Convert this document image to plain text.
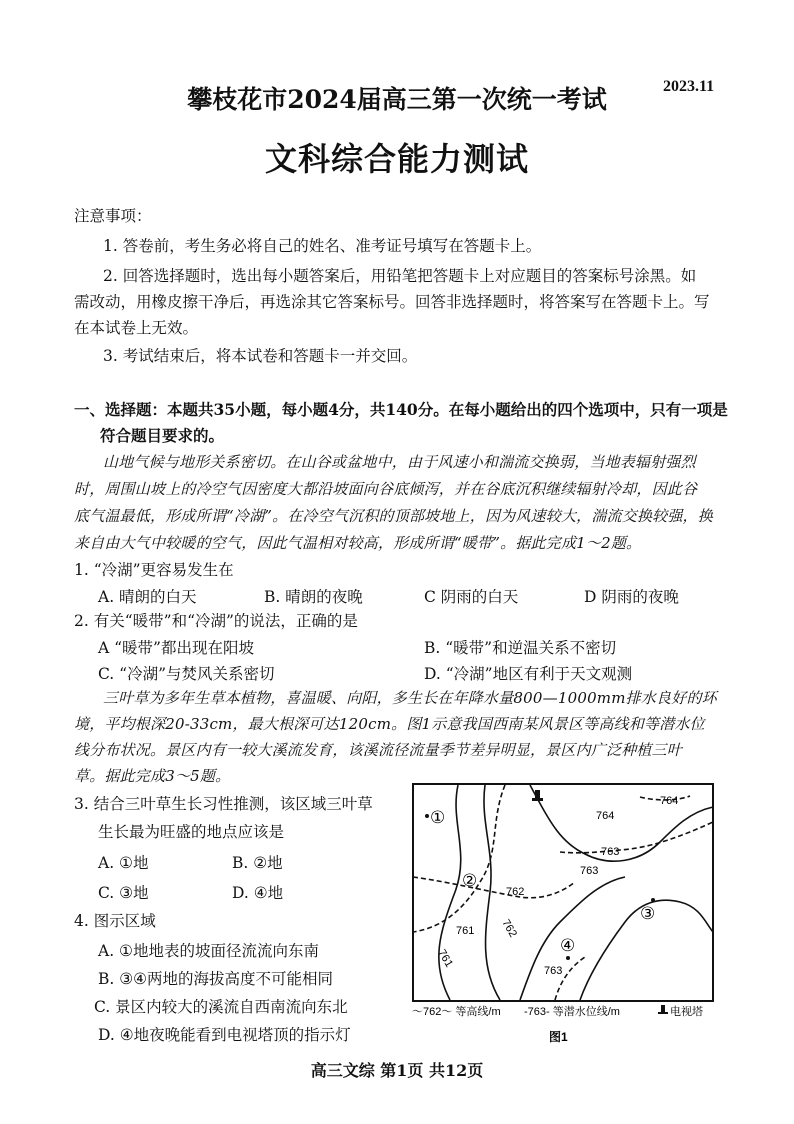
2023.11
攀枝花市2024届高三第一次统一考试
文科综合能力测试
注意事项：
1. 答卷前，考生务必将自己的姓名、准考证号填写在答题卡上。
2. 回答选择题时，选出每小题答案后，用铅笔把答题卡上对应题目的答案标号涂黑。如
需改动，用橡皮擦干净后，再选涂其它答案标号。回答非选择题时，将答案写在答题卡上。写
在本试卷上无效。
3. 考试结束后，将本试卷和答题卡一并交回。
一、选择题：本题共35小题，每小题4分，共140分。在每小题给出的四个选项中，只有一项是
符合题目要求的。
山地气候与地形关系密切。在山谷或盆地中，由于风速小和湍流交换弱，当地表辐射强烈
时，周围山坡上的冷空气因密度大都沿坡面向谷底倾泻，并在谷底沉积继续辐射冷却，因此谷
底气温最低，形成所谓“冷湖”。在冷空气沉积的顶部坡地上，因为风速较大，湍流交换较强，换
来自由大气中较暖的空气，因此气温相对较高，形成所谓“暖带”。据此完成1～2题。
1. “冷湖”更容易发生在
A. 晴朗的白天	B. 晴朗的夜晚	C 阴雨的白天	D 阴雨的夜晚
2. 有关“暖带”和“冷湖”的说法，正确的是
A “暖带”都出现在阳坡	B. “暖带”和逆温关系不密切
C. “冷湖”与焚风关系密切	D. “冷湖”地区有利于天文观测
三叶草为多年生草本植物，喜温暖、向阳，多生长在年降水量800—1000mm排水良好的环
境，平均根深20-33cm，最大根深可达120cm。图1示意我国西南某风景区等高线和等潜水位
线分布状况。景区内有一较大溪流发育，该溪流径流量季节差异明显，景区内广泛种植三叶
草。据此完成3～5题。
3. 结合三叶草生长习性推测，该区域三叶草
生长最为旺盛的地点应该是
A. ①地	B. ②地
C. ③地	D. ④地
4. 图示区域
A. ①地地表的坡面径流流向东南
B. ③④两地的海拔高度不可能相同
C. 景区内较大的溪流自西南流向东北
D. ④地夜晚能看到电视塔顶的指示灯
764
764
763
763
762
762
761
761
763
①
②
③
④
～762～ 等高线/m -763- 等潜水位线/m	电视塔
图1
高三文综 第1页 共12页
